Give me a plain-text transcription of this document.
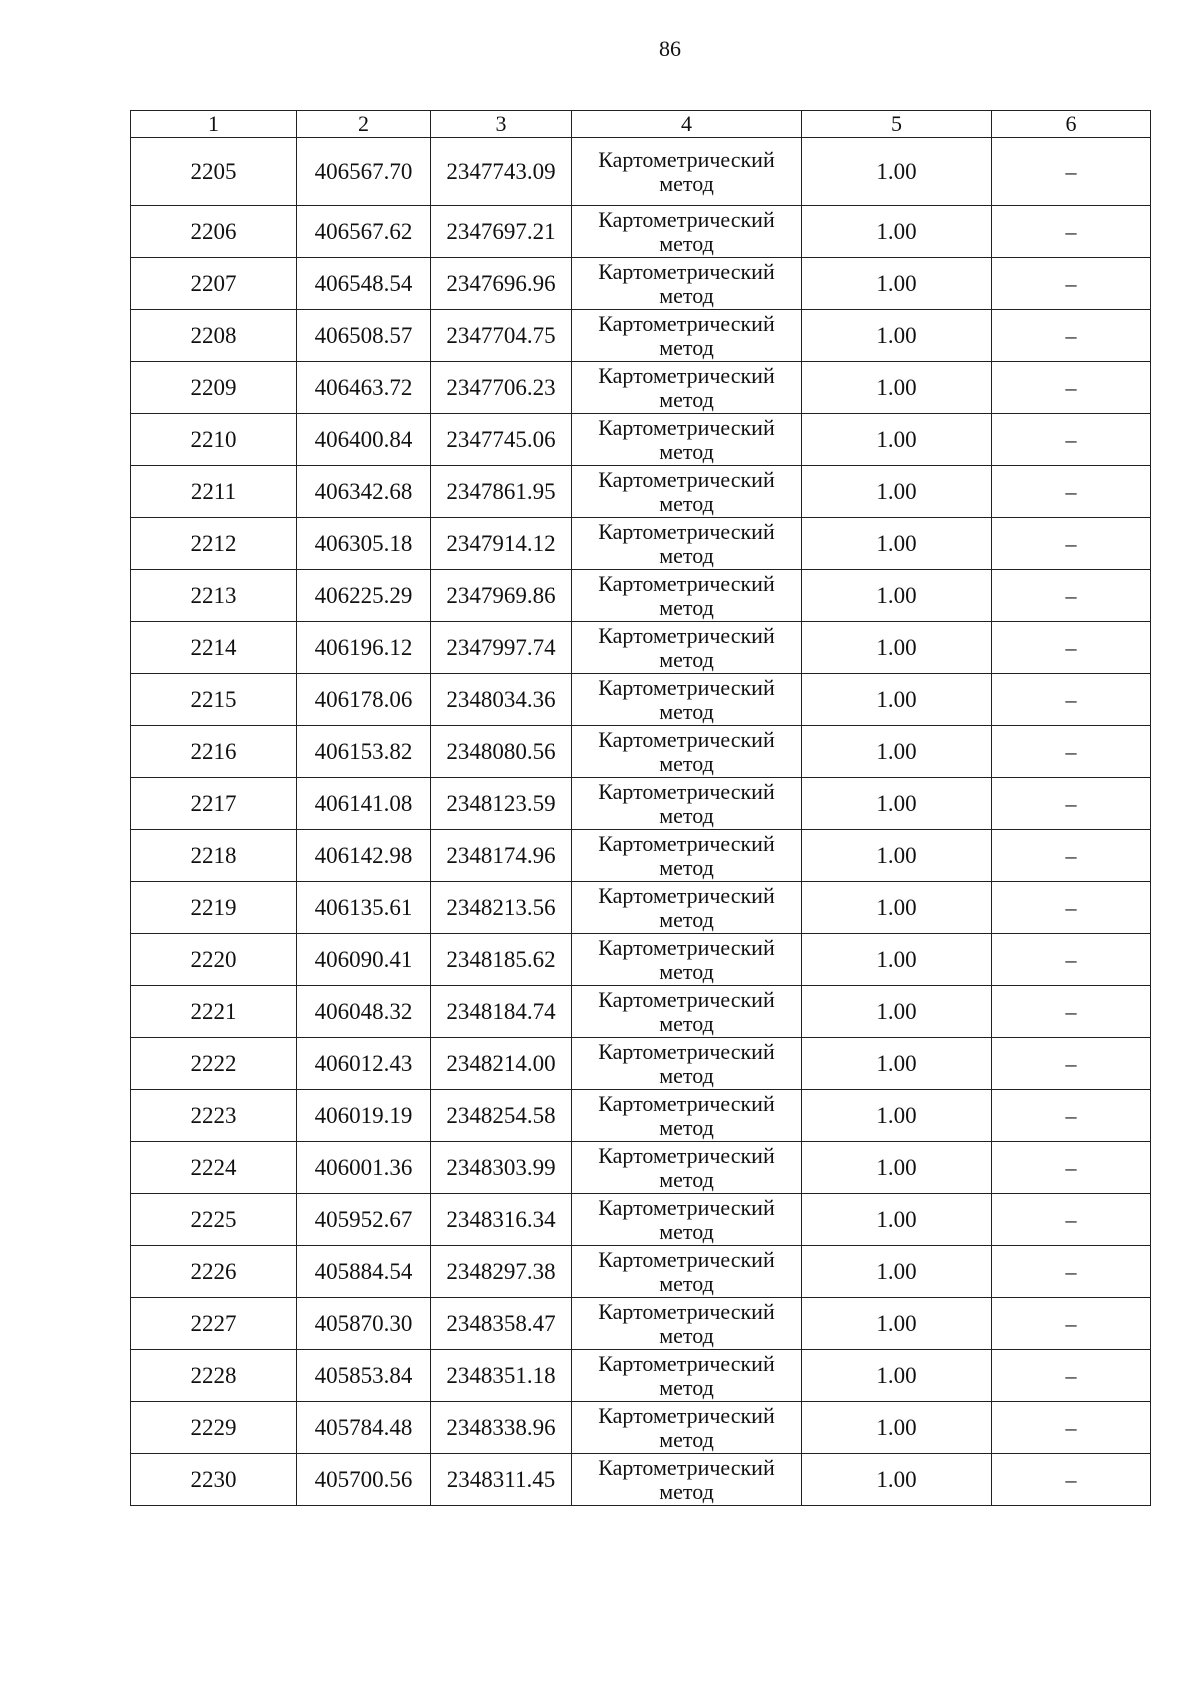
86
1	2	3	4	5	6
2205	406567.70	2347743.09	Картометрический метод	1.00	–
2206	406567.62	2347697.21	Картометрический метод	1.00	–
2207	406548.54	2347696.96	Картометрический метод	1.00	–
2208	406508.57	2347704.75	Картометрический метод	1.00	–
2209	406463.72	2347706.23	Картометрический метод	1.00	–
2210	406400.84	2347745.06	Картометрический метод	1.00	–
2211	406342.68	2347861.95	Картометрический метод	1.00	–
2212	406305.18	2347914.12	Картометрический метод	1.00	–
2213	406225.29	2347969.86	Картометрический метод	1.00	–
2214	406196.12	2347997.74	Картометрический метод	1.00	–
2215	406178.06	2348034.36	Картометрический метод	1.00	–
2216	406153.82	2348080.56	Картометрический метод	1.00	–
2217	406141.08	2348123.59	Картометрический метод	1.00	–
2218	406142.98	2348174.96	Картометрический метод	1.00	–
2219	406135.61	2348213.56	Картометрический метод	1.00	–
2220	406090.41	2348185.62	Картометрический метод	1.00	–
2221	406048.32	2348184.74	Картометрический метод	1.00	–
2222	406012.43	2348214.00	Картометрический метод	1.00	–
2223	406019.19	2348254.58	Картометрический метод	1.00	–
2224	406001.36	2348303.99	Картометрический метод	1.00	–
2225	405952.67	2348316.34	Картометрический метод	1.00	–
2226	405884.54	2348297.38	Картометрический метод	1.00	–
2227	405870.30	2348358.47	Картометрический метод	1.00	–
2228	405853.84	2348351.18	Картометрический метод	1.00	–
2229	405784.48	2348338.96	Картометрический метод	1.00	–
2230	405700.56	2348311.45	Картометрический метод	1.00	–
